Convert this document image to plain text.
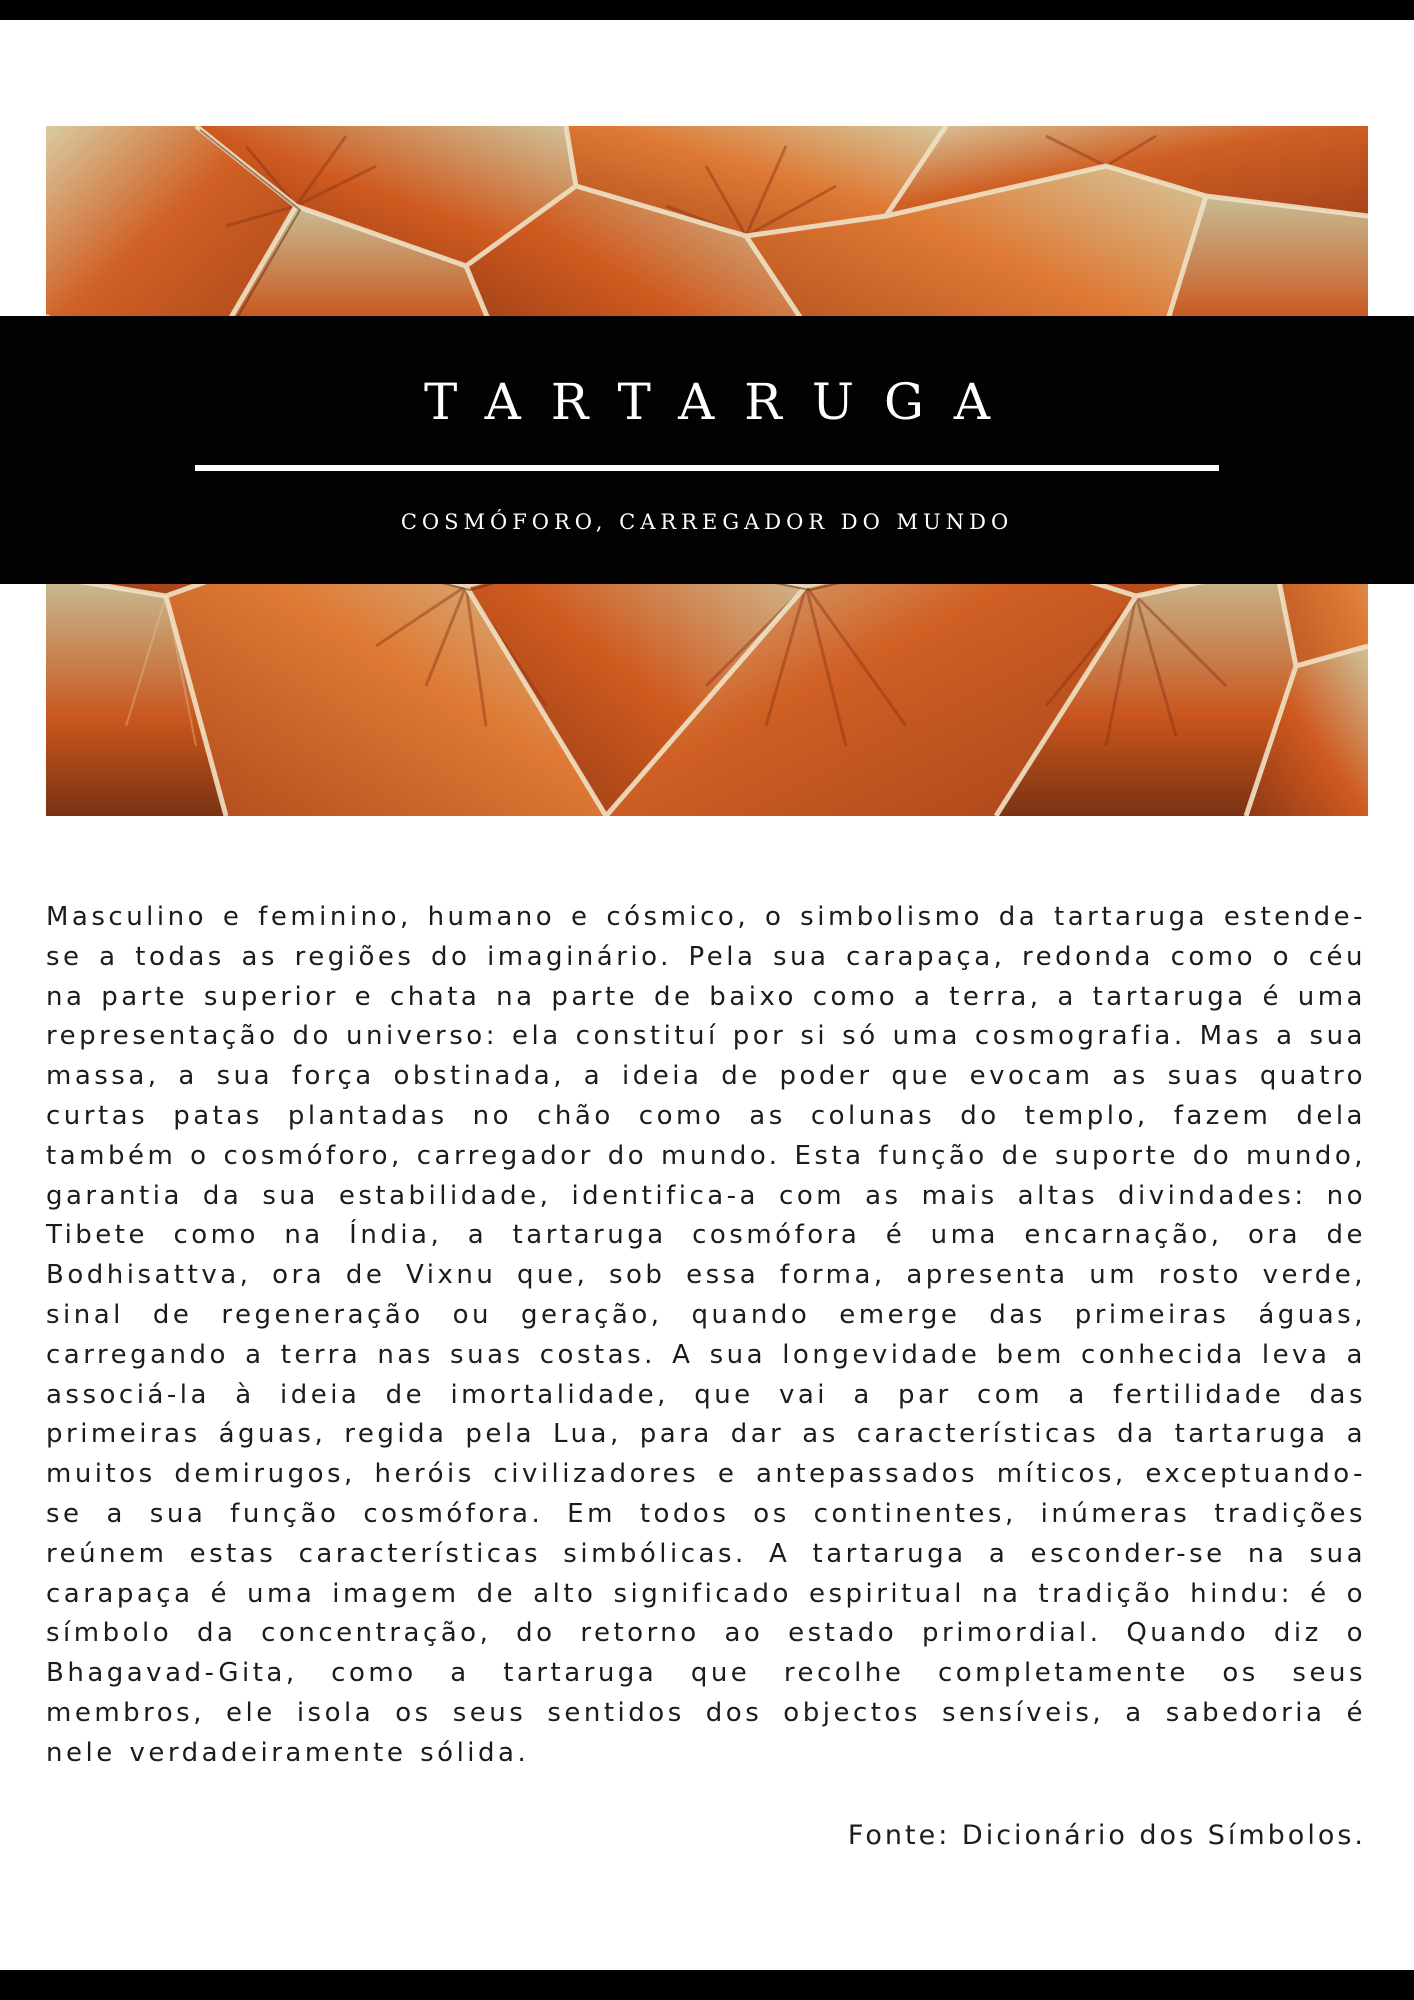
TARTARUGA
COSMÓFORO, CARREGADOR DO MUNDO

Masculino e feminino, humano e cósmico, o simbolismo da tartaruga estende-se a todas as regiões do imaginário. Pela sua carapaça, redonda como o céu na parte superior e chata na parte de baixo como a terra, a tartaruga é uma representação do universo: ela constituí por si só uma cosmografia. Mas a sua massa, a sua força obstinada, a ideia de poder que evocam as suas quatro curtas patas plantadas no chão como as colunas do templo, fazem dela também o cosmóforo, carregador do mundo. Esta função de suporte do mundo, garantia da sua estabilidade, identifica-a com as mais altas divindades: no Tibete como na Índia, a tartaruga cosmófora é uma encarnação, ora de Bodhisattva, ora de Vixnu que, sob essa forma, apresenta um rosto verde, sinal de regeneração ou geração, quando emerge das primeiras águas, carregando a terra nas suas costas. A sua longevidade bem conhecida leva a associá-la à ideia de imortalidade, que vai a par com a fertilidade das primeiras águas, regida pela Lua, para dar as características da tartaruga a muitos demirugos, heróis civilizadores e antepassados míticos, exceptuando-se a sua função cosmófora. Em todos os continentes, inúmeras tradições reúnem estas características simbólicas. A tartaruga a esconder-se na sua carapaça é uma imagem de alto significado espiritual na tradição hindu: é o símbolo da concentração, do retorno ao estado primordial. Quando diz o Bhagavad-Gita, como a tartaruga que recolhe completamente os seus membros, ele isola os seus sentidos dos objectos sensíveis, a sabedoria é nele verdadeiramente sólida.

Fonte: Dicionário dos Símbolos.
